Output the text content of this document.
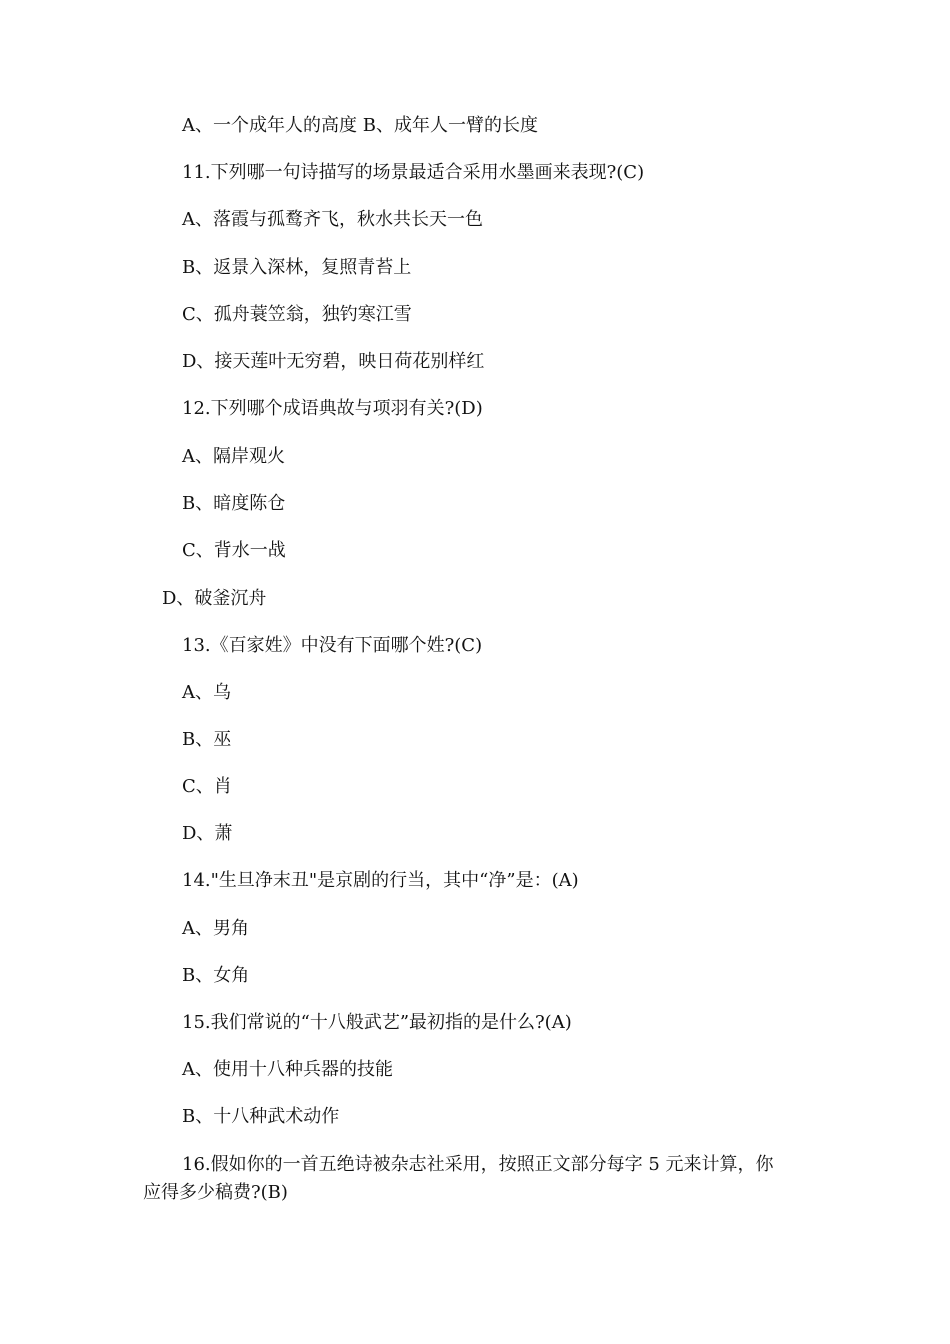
A、一个成年人的高度 B、成年人一臂的长度
11.下列哪一句诗描写的场景最适合采用水墨画来表现?(C)
A、落霞与孤鹜齐飞，秋水共长天一色
B、返景入深林，复照青苔上
C、孤舟蓑笠翁，独钓寒江雪
D、接天莲叶无穷碧，映日荷花别样红
12.下列哪个成语典故与项羽有关?(D)
A、隔岸观火
B、暗度陈仓
C、背水一战
D、破釜沉舟
13.《百家姓》中没有下面哪个姓?(C)
A、乌
B、巫
C、肖
D、萧
14."生旦净末丑"是京剧的行当，其中“净”是：(A)
A、男角
B、女角
15.我们常说的“十八般武艺”最初指的是什么?(A)
A、使用十八种兵器的技能
B、十八种武术动作
16.假如你的一首五绝诗被杂志社采用，按照正文部分每字 5 元来计算，你
应得多少稿费?(B)
